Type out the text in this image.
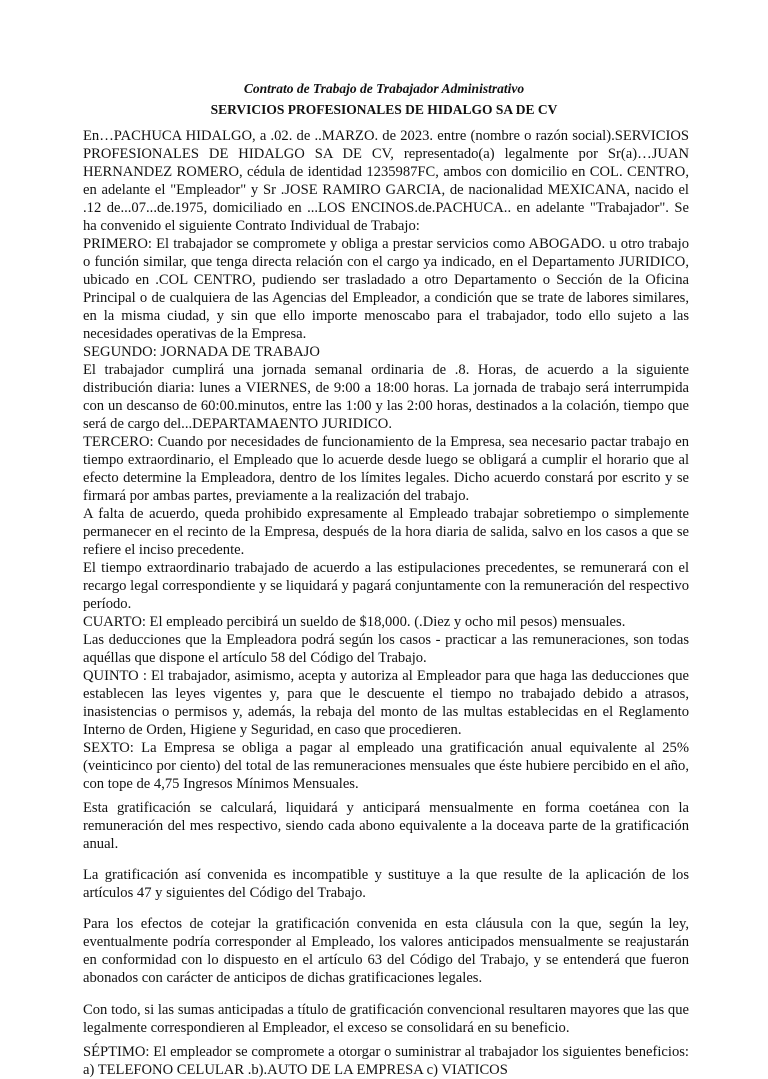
Contrato de Trabajo de Trabajador Administrativo
SERVICIOS PROFESIONALES DE HIDALGO SA DE CV

En…PACHUCA HIDALGO, a .02. de ..MARZO. de 2023. entre (nombre o razón social).SERVICIOS PROFESIONALES DE HIDALGO SA DE CV, representado(a) legalmente por Sr(a)…JUAN HERNANDEZ ROMERO, cédula de identidad 1235987FC, ambos con domicilio en COL. CENTRO, en adelante el "Empleador" y Sr .JOSE RAMIRO GARCIA, de nacionalidad MEXICANA, nacido el .12 de...07...de.1975, domiciliado en ...LOS ENCINOS.de.PACHUCA.. en adelante "Trabajador". Se ha convenido el siguiente Contrato Individual de Trabajo:

PRIMERO: El trabajador se compromete y obliga a prestar servicios como ABOGADO. u otro trabajo o función similar, que tenga directa relación con el cargo ya indicado, en el Departamento JURIDICO, ubicado en .COL CENTRO, pudiendo ser trasladado a otro Departamento o Sección de la Oficina Principal o de cualquiera de las Agencias del Empleador, a condición que se trate de labores similares, en la misma ciudad, y sin que ello importe menoscabo para el trabajador, todo ello sujeto a las necesidades operativas de la Empresa.

SEGUNDO: JORNADA DE TRABAJO

El trabajador cumplirá una jornada semanal ordinaria de .8. Horas, de acuerdo a la siguiente distribución diaria: lunes a VIERNES, de 9:00 a 18:00 horas. La jornada de trabajo será interrumpida con un descanso de 60:00.minutos, entre las 1:00 y las 2:00 horas, destinados a la colación, tiempo que será de cargo del...DEPARTAMAENTO JURIDICO.

TERCERO: Cuando por necesidades de funcionamiento de la Empresa, sea necesario pactar trabajo en tiempo extraordinario, el Empleado que lo acuerde desde luego se obligará a cumplir el horario que al efecto determine la Empleadora, dentro de los límites legales. Dicho acuerdo constará por escrito y se firmará por ambas partes, previamente a la realización del trabajo.

A falta de acuerdo, queda prohibido expresamente al Empleado trabajar sobretiempo o simplemente permanecer en el recinto de la Empresa, después de la hora diaria de salida, salvo en los casos a que se refiere el inciso precedente.

El tiempo extraordinario trabajado de acuerdo a las estipulaciones precedentes, se remunerará con el recargo legal correspondiente y se liquidará y pagará conjuntamente con la remuneración del respectivo período.

CUARTO: El empleado percibirá un sueldo de $18,000. (.Diez y ocho mil pesos) mensuales.

Las deducciones que la Empleadora podrá según los casos - practicar a las remuneraciones, son todas aquéllas que dispone el artículo 58 del Código del Trabajo.

QUINTO : El trabajador, asimismo, acepta y autoriza al Empleador para que haga las deducciones que establecen las leyes vigentes y, para que le descuente el tiempo no trabajado debido a atrasos, inasistencias o permisos y, además, la rebaja del monto de las multas establecidas en el Reglamento Interno de Orden, Higiene y Seguridad, en caso que procedieren.

SEXTO: La Empresa se obliga a pagar al empleado una gratificación anual equivalente al 25% (veinticinco por ciento) del total de las remuneraciones mensuales que éste hubiere percibido en el año, con tope de 4,75 Ingresos Mínimos Mensuales.

Esta gratificación se calculará, liquidará y anticipará mensualmente en forma coetánea con la remuneración del mes respectivo, siendo cada abono equivalente a la doceava parte de la gratificación anual.

La gratificación así convenida es incompatible y sustituye a la que resulte de la aplicación de los artículos 47 y siguientes del Código del Trabajo.

Para los efectos de cotejar la gratificación convenida en esta cláusula con la que, según la ley, eventualmente podría corresponder al Empleado, los valores anticipados mensualmente se reajustarán en conformidad con lo dispuesto en el artículo 63 del Código del Trabajo, y se entenderá que fueron abonados con carácter de anticipos de dichas gratificaciones legales.

Con todo, si las sumas anticipadas a título de gratificación convencional resultaren mayores que las que legalmente correspondieren al Empleador, el exceso se consolidará en su beneficio.

SÉPTIMO: El empleador se compromete a otorgar o suministrar al trabajador los siguientes beneficios: a) TELEFONO CELULAR .b).AUTO DE LA EMPRESA c) VIATICOS
